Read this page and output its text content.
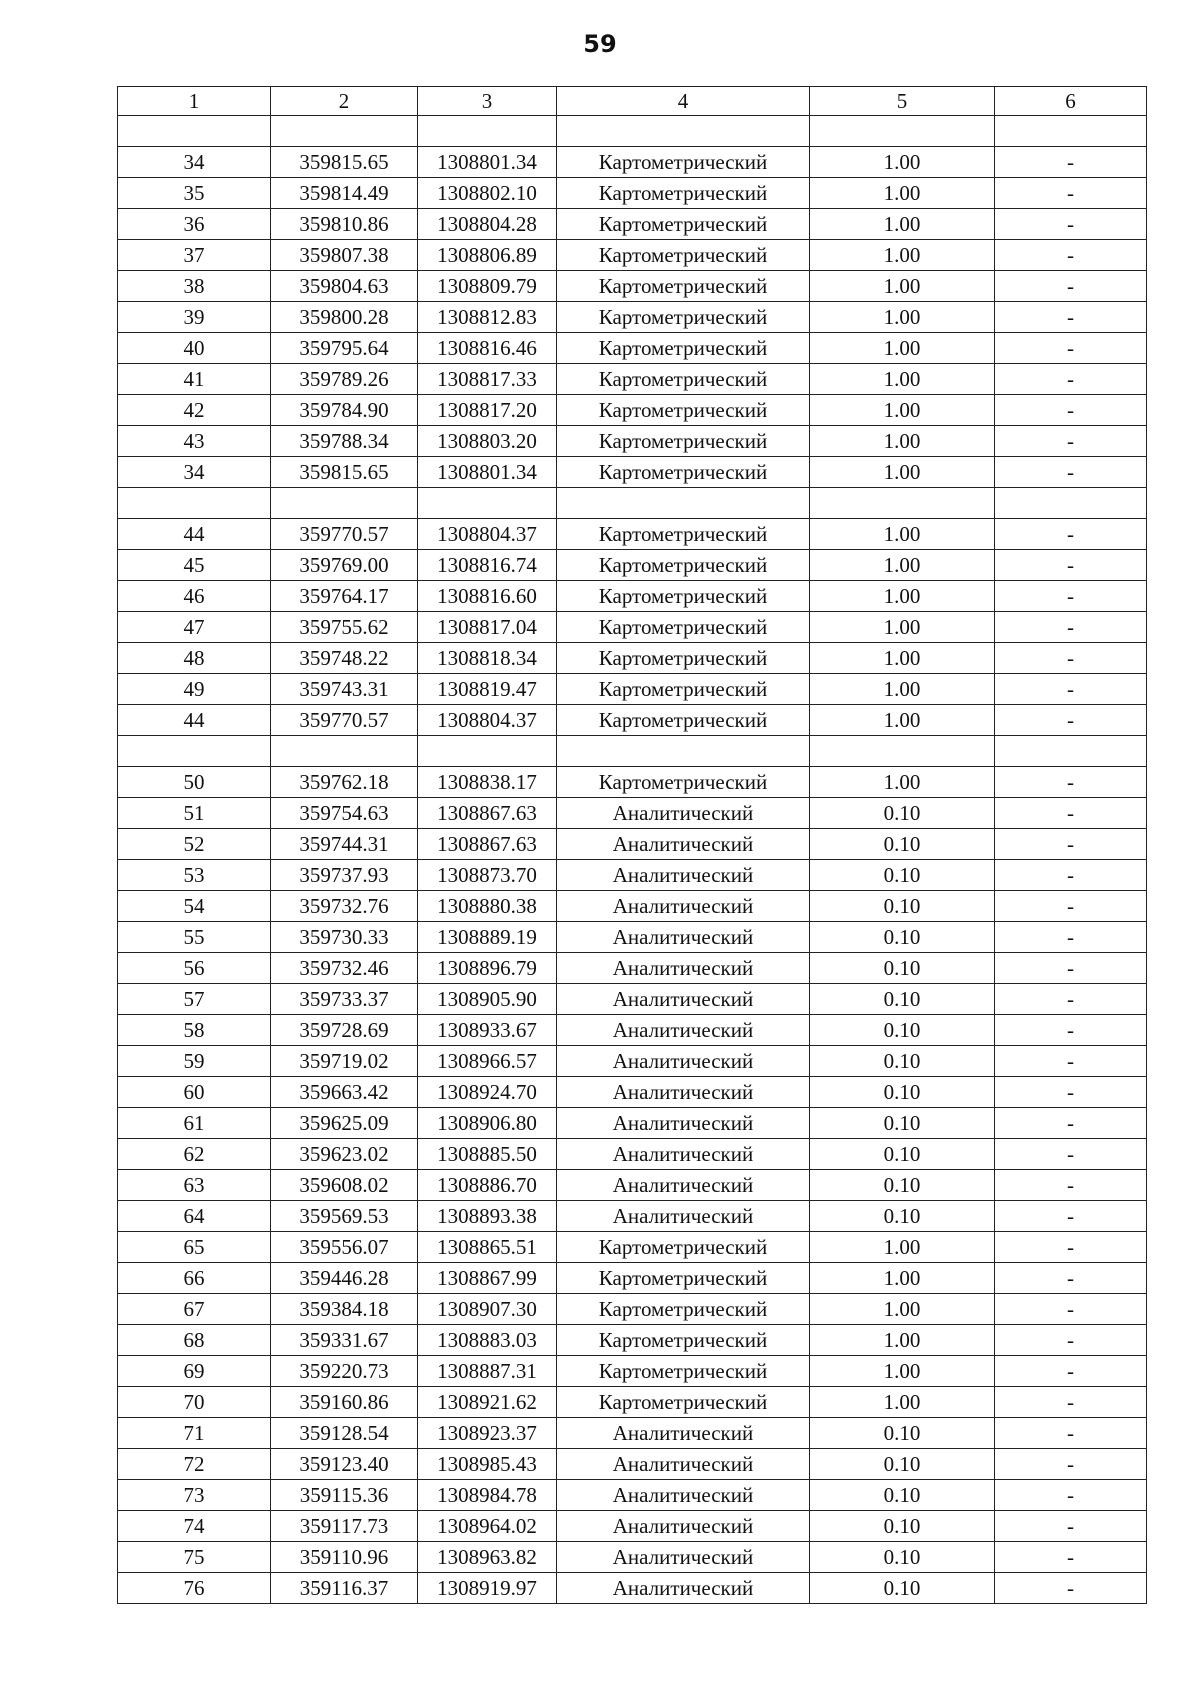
59
1	2	3	4	5	6

34	359815.65	1308801.34	Картометрический	1.00	-
35	359814.49	1308802.10	Картометрический	1.00	-
36	359810.86	1308804.28	Картометрический	1.00	-
37	359807.38	1308806.89	Картометрический	1.00	-
38	359804.63	1308809.79	Картометрический	1.00	-
39	359800.28	1308812.83	Картометрический	1.00	-
40	359795.64	1308816.46	Картометрический	1.00	-
41	359789.26	1308817.33	Картометрический	1.00	-
42	359784.90	1308817.20	Картометрический	1.00	-
43	359788.34	1308803.20	Картометрический	1.00	-
34	359815.65	1308801.34	Картометрический	1.00	-

44	359770.57	1308804.37	Картометрический	1.00	-
45	359769.00	1308816.74	Картометрический	1.00	-
46	359764.17	1308816.60	Картометрический	1.00	-
47	359755.62	1308817.04	Картометрический	1.00	-
48	359748.22	1308818.34	Картометрический	1.00	-
49	359743.31	1308819.47	Картометрический	1.00	-
44	359770.57	1308804.37	Картометрический	1.00	-

50	359762.18	1308838.17	Картометрический	1.00	-
51	359754.63	1308867.63	Аналитический	0.10	-
52	359744.31	1308867.63	Аналитический	0.10	-
53	359737.93	1308873.70	Аналитический	0.10	-
54	359732.76	1308880.38	Аналитический	0.10	-
55	359730.33	1308889.19	Аналитический	0.10	-
56	359732.46	1308896.79	Аналитический	0.10	-
57	359733.37	1308905.90	Аналитический	0.10	-
58	359728.69	1308933.67	Аналитический	0.10	-
59	359719.02	1308966.57	Аналитический	0.10	-
60	359663.42	1308924.70	Аналитический	0.10	-
61	359625.09	1308906.80	Аналитический	0.10	-
62	359623.02	1308885.50	Аналитический	0.10	-
63	359608.02	1308886.70	Аналитический	0.10	-
64	359569.53	1308893.38	Аналитический	0.10	-
65	359556.07	1308865.51	Картометрический	1.00	-
66	359446.28	1308867.99	Картометрический	1.00	-
67	359384.18	1308907.30	Картометрический	1.00	-
68	359331.67	1308883.03	Картометрический	1.00	-
69	359220.73	1308887.31	Картометрический	1.00	-
70	359160.86	1308921.62	Картометрический	1.00	-
71	359128.54	1308923.37	Аналитический	0.10	-
72	359123.40	1308985.43	Аналитический	0.10	-
73	359115.36	1308984.78	Аналитический	0.10	-
74	359117.73	1308964.02	Аналитический	0.10	-
75	359110.96	1308963.82	Аналитический	0.10	-
76	359116.37	1308919.97	Аналитический	0.10	-
